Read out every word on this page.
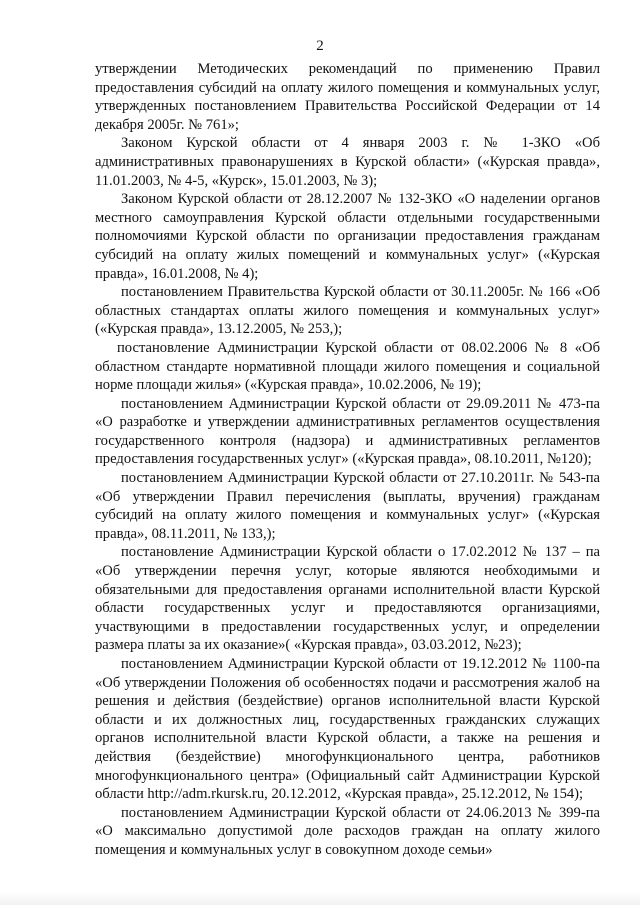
2

утверждении Методических рекомендаций по применению Правил предоставления субсидий на оплату жилого помещения и коммунальных услуг, утвержденных постановлением Правительства Российской Федерации от 14 декабря 2005г. № 761»;

Законом Курской области от 4 января 2003 г. № 1-ЗКО «Об административных правонарушениях в Курской области» («Курская правда», 11.01.2003, № 4-5, «Курск», 15.01.2003, № 3);

Законом Курской области от 28.12.2007 № 132-ЗКО «О наделении органов местного самоуправления Курской области отдельными государственными полномочиями Курской области по организации предоставления гражданам субсидий на оплату жилых помещений и коммунальных услуг» («Курская правда», 16.01.2008, № 4);

постановлением Правительства Курской области от 30.11.2005г. № 166 «Об областных стандартах оплаты жилого помещения и коммунальных услуг» («Курская правда», 13.12.2005, № 253,);

постановление Администрации Курской области от 08.02.2006 № 8 «Об областном стандарте нормативной площади жилого помещения и социальной норме площади жилья» («Курская правда», 10.02.2006, № 19);

постановлением Администрации Курской области от 29.09.2011 № 473-па «О разработке и утверждении административных регламентов осуществления государственного контроля (надзора) и административных регламентов предоставления государственных услуг» («Курская правда», 08.10.2011, №120);

постановлением Администрации Курской области от 27.10.2011г. № 543-па «Об утверждении Правил перечисления (выплаты, вручения) гражданам субсидий на оплату жилого помещения и коммунальных услуг» («Курская правда», 08.11.2011, № 133,);

постановление Администрации Курской области о 17.02.2012 № 137 – па «Об утверждении перечня услуг, которые являются необходимыми и обязательными для предоставления органами исполнительной власти Курской области государственных услуг и предоставляются организациями, участвующими в предоставлении государственных услуг, и определении размера платы за их оказание»( «Курская правда», 03.03.2012, №23);

постановлением Администрации Курской области от 19.12.2012 № 1100-па «Об утверждении Положения об особенностях подачи и рассмотрения жалоб на решения и действия (бездействие) органов исполнительной власти Курской области и их должностных лиц, государственных гражданских служащих органов исполнительной власти Курской области, а также на решения и действия (бездействие) многофункционального центра, работников многофункционального центра» (Официальный сайт Администрации Курской области http://adm.rkursk.ru, 20.12.2012, «Курская правда», 25.12.2012, № 154);

постановлением Администрации Курской области от 24.06.2013 № 399-па «О максимально допустимой доле расходов граждан на оплату жилого помещения и коммунальных услуг в совокупном доходе семьи»
